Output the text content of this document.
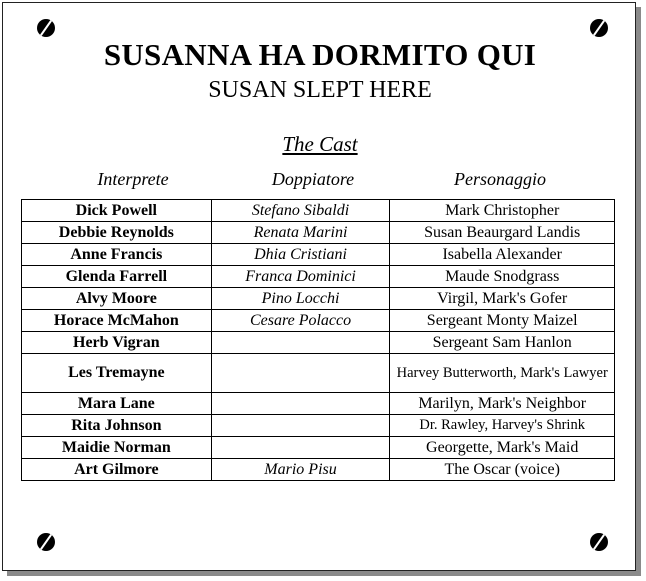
SUSANNA HA DORMITO QUI
SUSAN SLEPT HERE
The Cast
Interprete	Doppiatore	Personaggio
Dick Powell	Stefano Sibaldi	Mark Christopher
Debbie Reynolds	Renata Marini	Susan Beaurgard Landis
Anne Francis	Dhia Cristiani	Isabella Alexander
Glenda Farrell	Franca Dominici	Maude Snodgrass
Alvy Moore	Pino Locchi	Virgil, Mark's Gofer
Horace McMahon	Cesare Polacco	Sergeant Monty Maizel
Herb Vigran		Sergeant Sam Hanlon
Les Tremayne		Harvey Butterworth, Mark's Lawyer
Mara Lane		Marilyn, Mark's Neighbor
Rita Johnson		Dr. Rawley, Harvey's Shrink
Maidie Norman		Georgette, Mark's Maid
Art Gilmore	Mario Pisu	The Oscar (voice)
